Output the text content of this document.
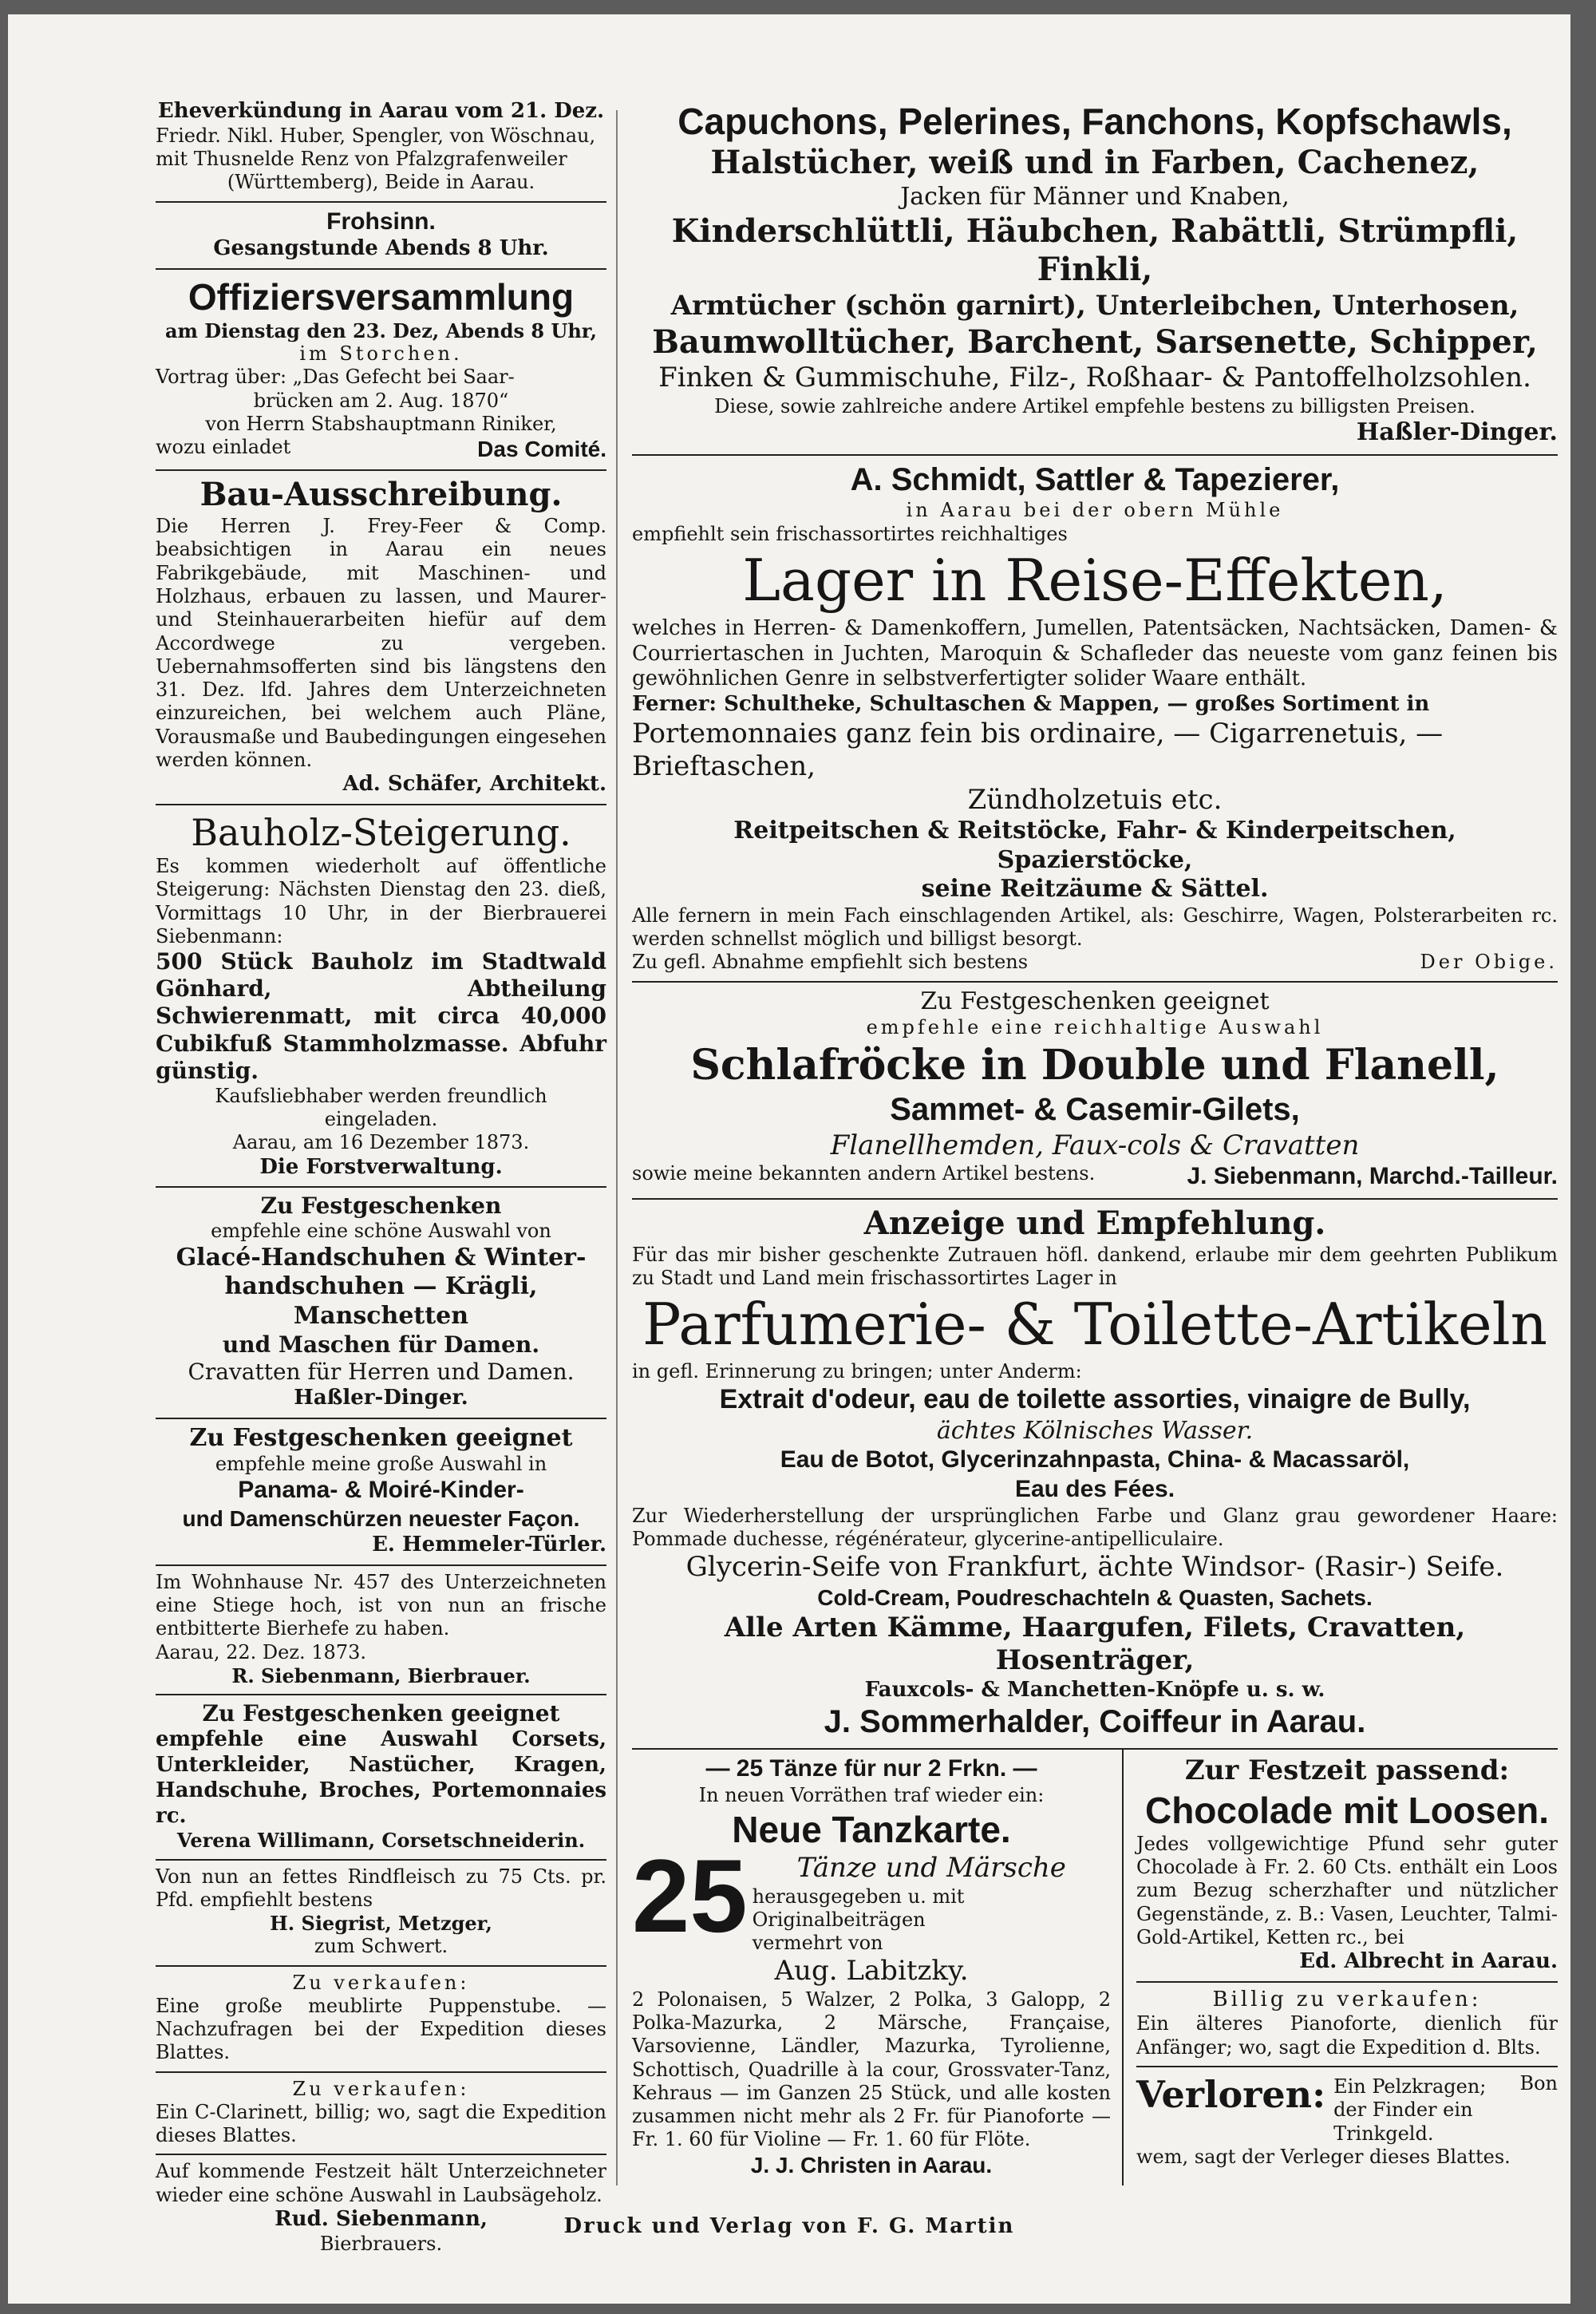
Eheverkündung in Aarau vom 21. Dez.
Friedr. Nikl. Huber, Spengler, von Wöschnau,
mit Thusnelde Renz von Pfalzgrafenweiler
(Württemberg), Beide in Aarau.
Frohsinn.
Gesangstunde Abends 8 Uhr.
Offiziersversammlung
am Dienstag den 23. Dez, Abends 8 Uhr,
im Storchen.
Vortrag über: „Das Gefecht bei Saar-
brücken am 2. Aug. 1870“
von Herrn Stabshauptmann Riniker,
wozu einladet	Das Comité.
Bau-Ausschreibung.
Die Herren J. Frey-Feer & Comp. beabsichtigen in Aarau ein neues Fabrikgebäude, mit Maschinen- und Holzhaus, erbauen zu lassen, und Maurer- und Steinhauerarbeiten hiefür auf dem Accordwege zu vergeben. Uebernahmsofferten sind bis längstens den 31. Dez. lfd. Jahres dem Unterzeichneten einzureichen, bei welchem auch Pläne, Vorausmaße und Baubedingungen eingesehen werden können.
Ad. Schäfer, Architekt.
Bauholz-Steigerung.
Es kommen wiederholt auf öffentliche Steigerung: Nächsten Dienstag den 23. dieß, Vormittags 10 Uhr, in der Bierbrauerei Siebenmann:
500 Stück Bauholz im Stadtwald Gönhard, Abtheilung Schwierenmatt, mit circa 40,000 Cubikfuß Stammholzmasse. Abfuhr günstig.
Kaufsliebhaber werden freundlich eingeladen.
Aarau, am 16 Dezember 1873.
Die Forstverwaltung.
Zu Festgeschenken
empfehle eine schöne Auswahl von
Glacé-Handschuhen & Winter-
handschuhen — Krägli, Manschetten
und Maschen für Damen.
Cravatten für Herren und Damen.
Haßler-Dinger.
Zu Festgeschenken geeignet
empfehle meine große Auswahl in
Panama- & Moiré-Kinder-
und Damenschürzen neuester Façon.
E. Hemmeler-Türler.
Im Wohnhause Nr. 457 des Unterzeichneten eine Stiege hoch, ist von nun an frische entbitterte Bierhefe zu haben.
Aarau, 22. Dez. 1873.
R. Siebenmann, Bierbrauer.
Zu Festgeschenken geeignet
empfehle eine Auswahl Corsets, Unterkleider, Nastücher, Kragen, Handschuhe, Broches, Portemonnaies rc.
Verena Willimann, Corsetschneiderin.
Von nun an fettes Rindfleisch zu 75 Cts. pr. Pfd. empfiehlt bestens
H. Siegrist, Metzger,
zum Schwert.
Zu verkaufen:
Eine große meublirte Puppenstube. — Nachzufragen bei der Expedition dieses Blattes.
Zu verkaufen:
Ein C-Clarinett, billig; wo, sagt die Expedition dieses Blattes.
Auf kommende Festzeit hält Unterzeichneter wieder eine schöne Auswahl in Laubsägeholz.
Rud. Siebenmann,
Bierbrauers.
Capuchons, Pelerines, Fanchons, Kopfschawls,
Halstücher, weiß und in Farben, Cachenez,
Jacken für Männer und Knaben,
Kinderschlüttli, Häubchen, Rabättli, Strümpfli, Finkli,
Armtücher (schön garnirt), Unterleibchen, Unterhosen,
Baumwolltücher, Barchent, Sarsenette, Schipper,
Finken & Gummischuhe, Filz-, Roßhaar- & Pantoffelholzsohlen.
Diese, sowie zahlreiche andere Artikel empfehle bestens zu billigsten Preisen.
Haßler-Dinger.
A. Schmidt, Sattler & Tapezierer,
in Aarau bei der obern Mühle
empfiehlt sein frischassortirtes reichhaltiges
Lager in Reise-Effekten,
welches in Herren- & Damenkoffern, Jumellen, Patentsäcken, Nachtsäcken, Damen- & Courriertaschen in Juchten, Maroquin & Schafleder das neueste vom ganz feinen bis gewöhnlichen Genre in selbstverfertigter solider Waare enthält.
Ferner: Schultheke, Schultaschen & Mappen, — großes Sortiment in
Portemonnaies ganz fein bis ordinaire, — Cigarrenetuis, — Brieftaschen,
Zündholzetuis etc.
Reitpeitschen & Reitstöcke, Fahr- & Kinderpeitschen, Spazierstöcke,
seine Reitzäume & Sättel.
Alle fernern in mein Fach einschlagenden Artikel, als: Geschirre, Wagen, Polsterarbeiten rc. werden schnellst möglich und billigst besorgt.
Zu gefl. Abnahme empfiehlt sich bestens	Der Obige.
Zu Festgeschenken geeignet
empfehle eine reichhaltige Auswahl
Schlafröcke in Double und Flanell,
Sammet- & Casemir-Gilets,
Flanellhemden, Faux-cols & Cravatten
sowie meine bekannten andern Artikel bestens.	J. Siebenmann, Marchd.-Tailleur.
Anzeige und Empfehlung.
Für das mir bisher geschenkte Zutrauen höfl. dankend, erlaube mir dem geehrten Publikum zu Stadt und Land mein frischassortirtes Lager in
Parfumerie- & Toilette-Artikeln
in gefl. Erinnerung zu bringen; unter Anderm:
Extrait d'odeur, eau de toilette assorties, vinaigre de Bully,
ächtes Kölnisches Wasser.
Eau de Botot, Glycerinzahnpasta, China- & Macassaröl,
Eau des Fées.
Zur Wiederherstellung der ursprünglichen Farbe und Glanz grau gewordener Haare: Pommade duchesse, régénérateur, glycerine-antipelliculaire.
Glycerin-Seife von Frankfurt, ächte Windsor- (Rasir-) Seife.
Cold-Cream, Poudreschachteln & Quasten, Sachets.
Alle Arten Kämme, Haargufen, Filets, Cravatten, Hosenträger,
Fauxcols- & Manchetten-Knöpfe u. s. w.
J. Sommerhalder, Coiffeur in Aarau.
— 25 Tänze für nur 2 Frkn. —
In neuen Vorräthen traf wieder ein:
Neue Tanzkarte.
25	Tänze und Märsche
herausgegeben u. mit Originalbeiträgen
vermehrt von
Aug. Labitzky.
2 Polonaisen, 5 Walzer, 2 Polka, 3 Galopp, 2 Polka-Mazurka, 2 Märsche, Française, Varsovienne, Ländler, Mazurka, Tyrolienne, Schottisch, Quadrille à la cour, Grossvater-Tanz, Kehraus — im Ganzen 25 Stück, und alle kosten zusammen nicht mehr als 2 Fr. für Pianoforte — Fr. 1. 60 für Violine — Fr. 1. 60 für Flöte.
J. J. Christen in Aarau.
Zur Festzeit passend:
Chocolade mit Loosen.
Jedes vollgewichtige Pfund sehr guter Chocolade à Fr. 2. 60 Cts. enthält ein Loos zum Bezug scherzhafter und nützlicher Gegenstände, z. B.: Vasen, Leuchter, Talmi-Gold-Artikel, Ketten rc., bei
Ed. Albrecht in Aarau.
Billig zu verkaufen:
Ein älteres Pianoforte, dienlich für Anfänger; wo, sagt die Expedition d. Blts.
Verloren: Ein Pelzkragen; der Finder ein Trinkgeld.
Bon
wem, sagt der Verleger dieses Blattes.
Druck und Verlag von F. G. Martin
